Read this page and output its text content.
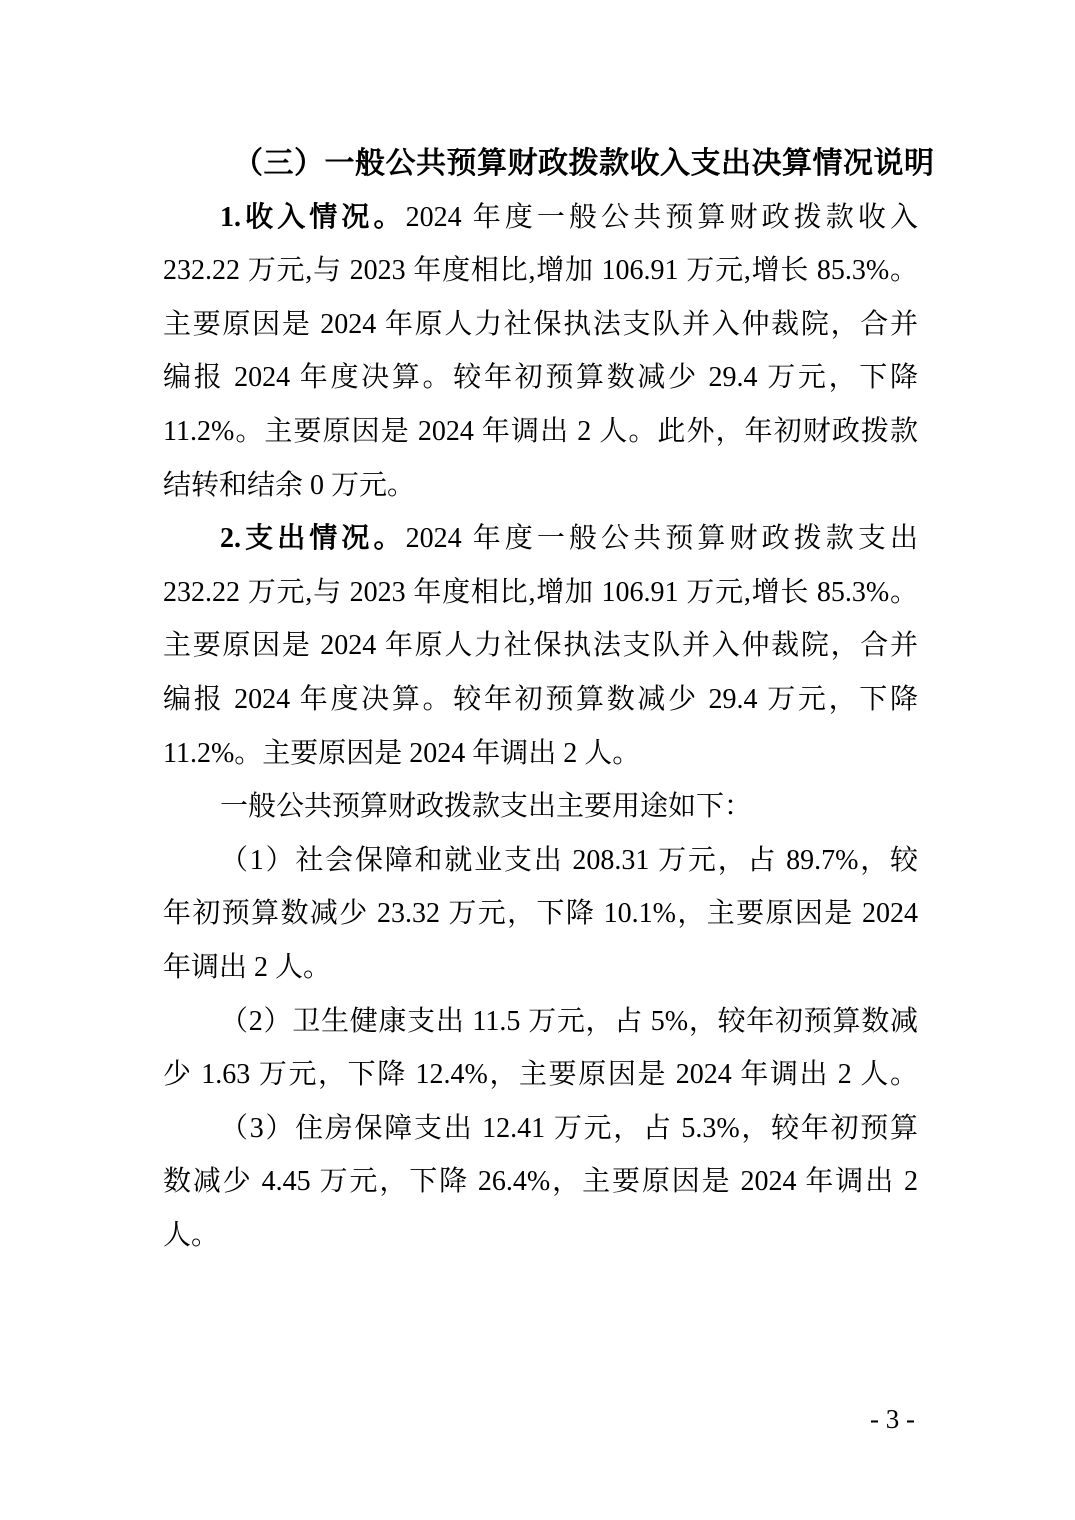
（三）一般公共预算财政拨款收入支出决算情况说明
1.收入情况。2024 年度一般公共预算财政拨款收入
232.22 万元,与 2023 年度相比,增加 106.91 万元,增长 85.3%。
主要原因是 2024 年原人力社保执法支队并入仲裁院，合并
编报 2024 年度决算。较年初预算数减少 29.4 万元，下降
11.2%。主要原因是 2024 年调出 2 人。此外，年初财政拨款
结转和结余 0 万元。
2.支出情况。2024 年度一般公共预算财政拨款支出
232.22 万元,与 2023 年度相比,增加 106.91 万元,增长 85.3%。
主要原因是 2024 年原人力社保执法支队并入仲裁院，合并
编报 2024 年度决算。较年初预算数减少 29.4 万元，下降
11.2%。主要原因是 2024 年调出 2 人。
一般公共预算财政拨款支出主要用途如下：
（1）社会保障和就业支出 208.31 万元，占 89.7%，较
年初预算数减少 23.32 万元，下降 10.1%，主要原因是 2024
年调出 2 人。
（2）卫生健康支出 11.5 万元，占 5%，较年初预算数减
少 1.63 万元，下降 12.4%，主要原因是 2024 年调出 2 人。
（3）住房保障支出 12.41 万元，占 5.3%，较年初预算
数减少 4.45 万元，下降 26.4%，主要原因是 2024 年调出 2
人。
- 3 -
